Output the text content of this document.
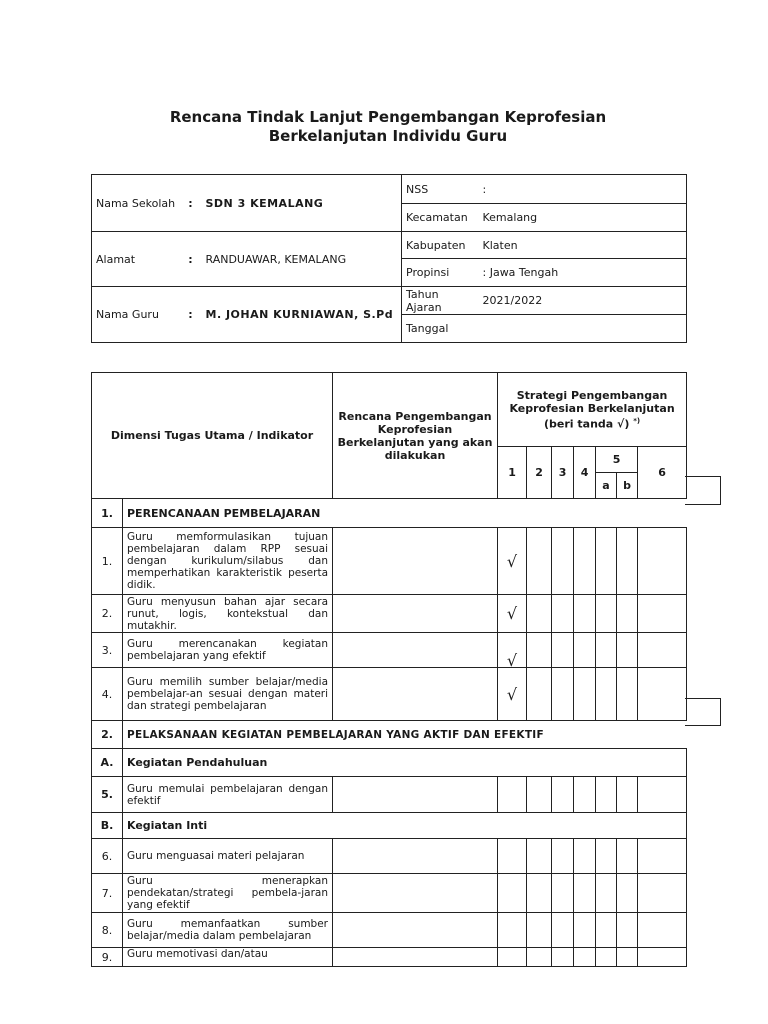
Rencana Tindak Lanjut Pengembangan Keprofesian
Berkelanjutan Individu Guru
Nama Sekolah	:	SDN 3 KEMALANG	NSS	:
			Kecamatan	Kemalang
Alamat	:	RANDUAWAR, KEMALANG	Kabupaten	Klaten
			Propinsi	: Jawa Tengah
Nama Guru	:	M. JOHAN KURNIAWAN, S.Pd	Tahun Ajaran	2021/2022
			Tanggal	
Dimensi Tugas Utama / Indikator		Rencana Pengembangan Keprofesian Berkelanjutan yang akan dilakukan	Strategi Pengembangan Keprofesian Berkelanjutan (beri tanda √) *)
			1	2	3	4	5		6
							a	b	
1.	PERENCANAAN PEMBELAJARAN								
1.	Guru memformulasikan tujuan pembelajaran dalam RPP sesuai dengan kurikulum/silabus dan memperhatikan karakteristik peserta didik.		√						
2.	Guru menyusun bahan ajar secara runut, logis, kontekstual dan mutakhir.		√						
3.	Guru merencanakan kegiatan pembelajaran yang efektif		√						
4.	Guru memilih sumber belajar/media pembelajar-an sesuai dengan materi dan strategi pembelajaran		√						
2.	PELAKSANAAN KEGIATAN PEMBELAJARAN YANG AKTIF DAN EFEKTIF								
A.	Kegiatan Pendahuluan								
5.	Guru memulai pembelajaran dengan efektif								
B.	Kegiatan Inti								
6.	Guru menguasai materi pelajaran								
7.	Guru menerapkan pendekatan/strategi pembela-jaran yang efektif								
8.	Guru memanfaatkan sumber belajar/media dalam pembelajaran								
9.	Guru memotivasi dan/atau								
